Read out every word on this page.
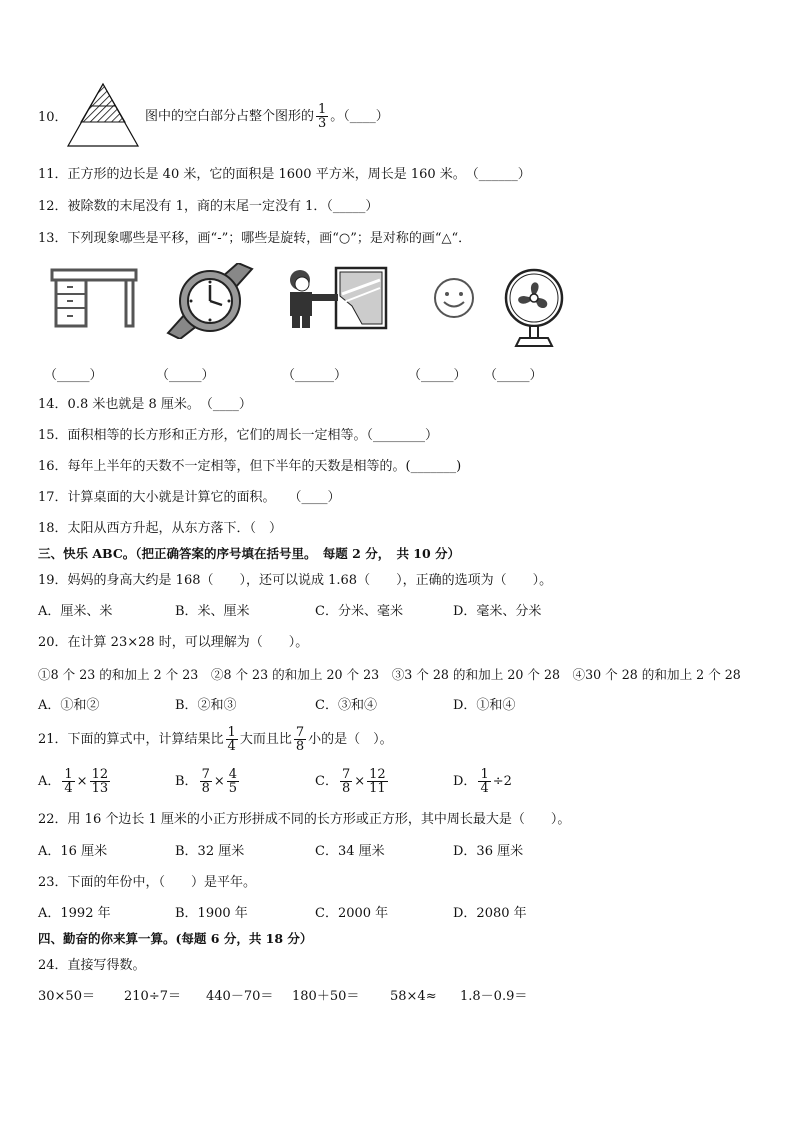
10．	图中的空白部分占整个图形的 $\frac{1}{3}$ 。（____）
11．正方形的边长是 40 米，它的面积是 1600 平方米，周长是 160 米。　（______）
12．被除数的末尾没有 1，商的末尾一定没有 1．（_____）
13．下列现象哪些是平移，画“-”；哪些是旋转，画“○”；是对称的画“△“．
（_____）	（_____）	（______）	（_____） （_____）
14．0.8 米也就是 8 厘米。　（____）
15．面积相等的长方形和正方形，它们的周长一定相等。（________）
16．每年上半年的天数不一定相等，但下半年的天数是相等的。(_______)
17．计算桌面的大小就是计算它的面积。　　（____）
18．太阳从西方升起，从东方落下．（　）
三、快乐 ABC。（把正确答案的序号填在括号里。　每题 2 分，　共 10 分）
19．妈妈的身高大约是 168（　　），还可以说成 1.68（　　），正确的选项为（　　）。
A．厘米、米	B．米、厘米	C．分米、毫米	D．毫米、分米
20．在计算 23×28 时，可以理解为（　　）。
①8 个 23 的和加上 2 个 23　②8 个 23 的和加上 20 个 23　③3 个 28 的和加上 20 个 28　④30 个 28 的和加上 2 个 28
A．①和②	B．②和③	C．③和④	D．①和④
21．下面的算式中，计算结果比 $\frac{1}{4}$ 大而且比 $\frac{7}{8}$ 小的是（　）。
A． $\frac{1}{4} \times \frac{12}{13}$	B． $\frac{7}{8} \times \frac{4}{5}$	C． $\frac{7}{8} \times \frac{12}{11}$	D． $\frac{1}{4} \div 2$
22．用 16 个边长 1 厘米的小正方形拼成不同的长方形或正方形，其中周长最大是（　　）。
A．16 厘米	B．32 厘米	C．34 厘米	D．36 厘米
23．下面的年份中，（　　）是平年。
A．1992 年	B．1900 年	C．2000 年	D．2080 年
四、勤奋的你来算一算。(每题 6 分，共 18 分）
24．直接写得数。
30×50＝ 210÷7＝ 440－70＝ 180＋50＝ 58×4≈ 1.8－0.9＝
